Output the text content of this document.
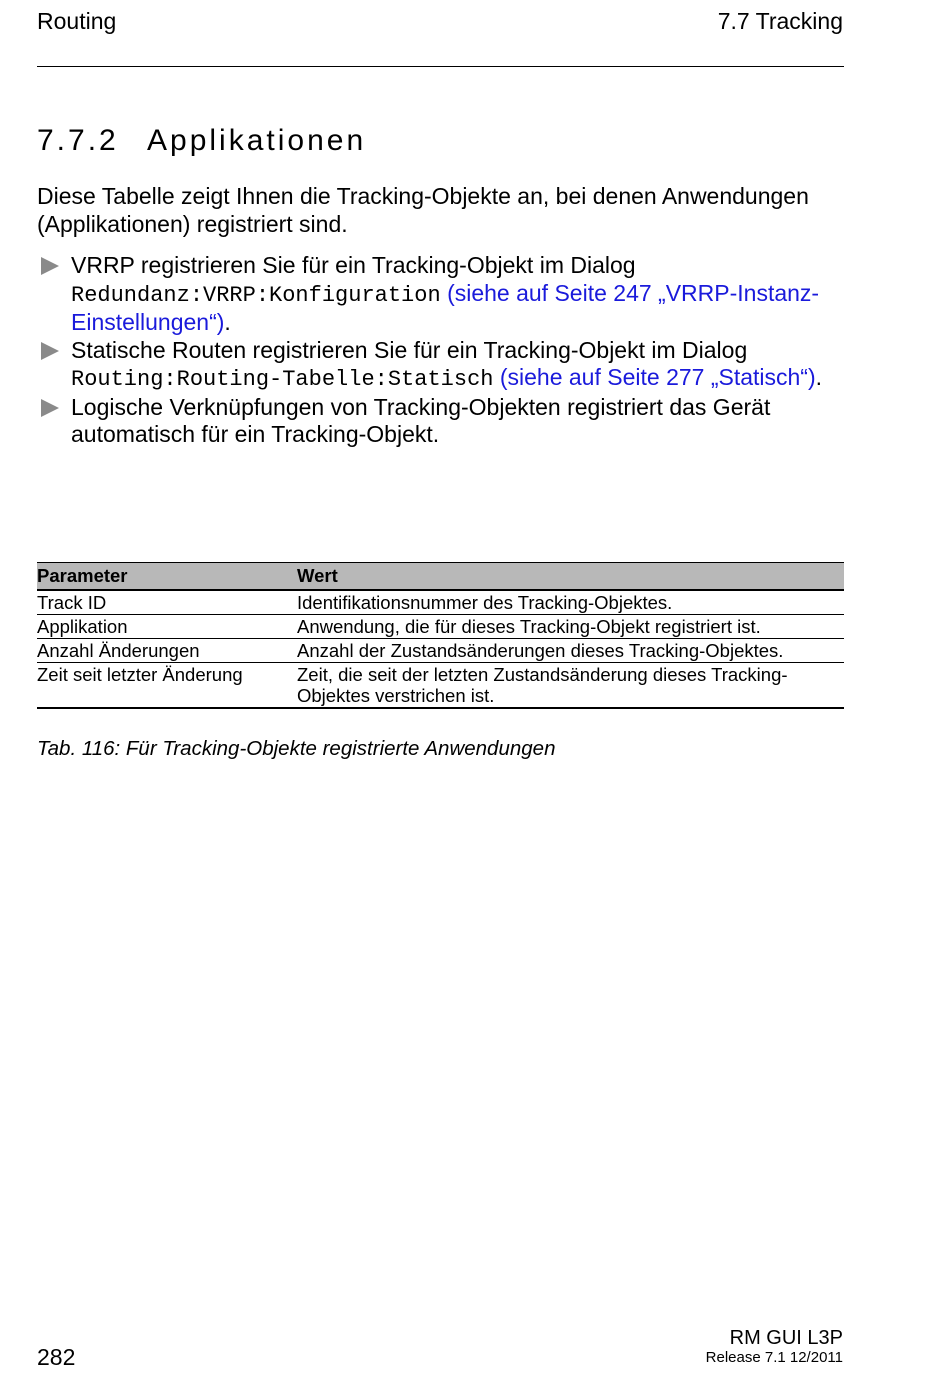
Routing	7.7 Tracking
7.7.2 Applikationen
Diese Tabelle zeigt Ihnen die Tracking-Objekte an, bei denen Anwendungen (Applikationen) registriert sind.
VRRP registrieren Sie für ein Tracking-Objekt im Dialog
Redundanz:VRRP:Konfiguration (siehe auf Seite 247 „VRRP-Instanz-Einstellungen“).
Statische Routen registrieren Sie für ein Tracking-Objekt im Dialog
Routing:Routing-Tabelle:Statisch (siehe auf Seite 277 „Statisch“).
Logische Verknüpfungen von Tracking-Objekten registriert das Gerät automatisch für ein Tracking-Objekt.
Parameter	Wert
Track ID	Identifikationsnummer des Tracking-Objektes.
Applikation	Anwendung, die für dieses Tracking-Objekt registriert ist.
Anzahl Änderungen	Anzahl der Zustandsänderungen dieses Tracking-Objektes.
Zeit seit letzter Änderung	Zeit, die seit der letzten Zustandsänderung dieses Tracking-Objektes verstrichen ist.
Tab. 116: Für Tracking-Objekte registrierte Anwendungen
282
RM GUI L3P
Release 7.1 12/2011
